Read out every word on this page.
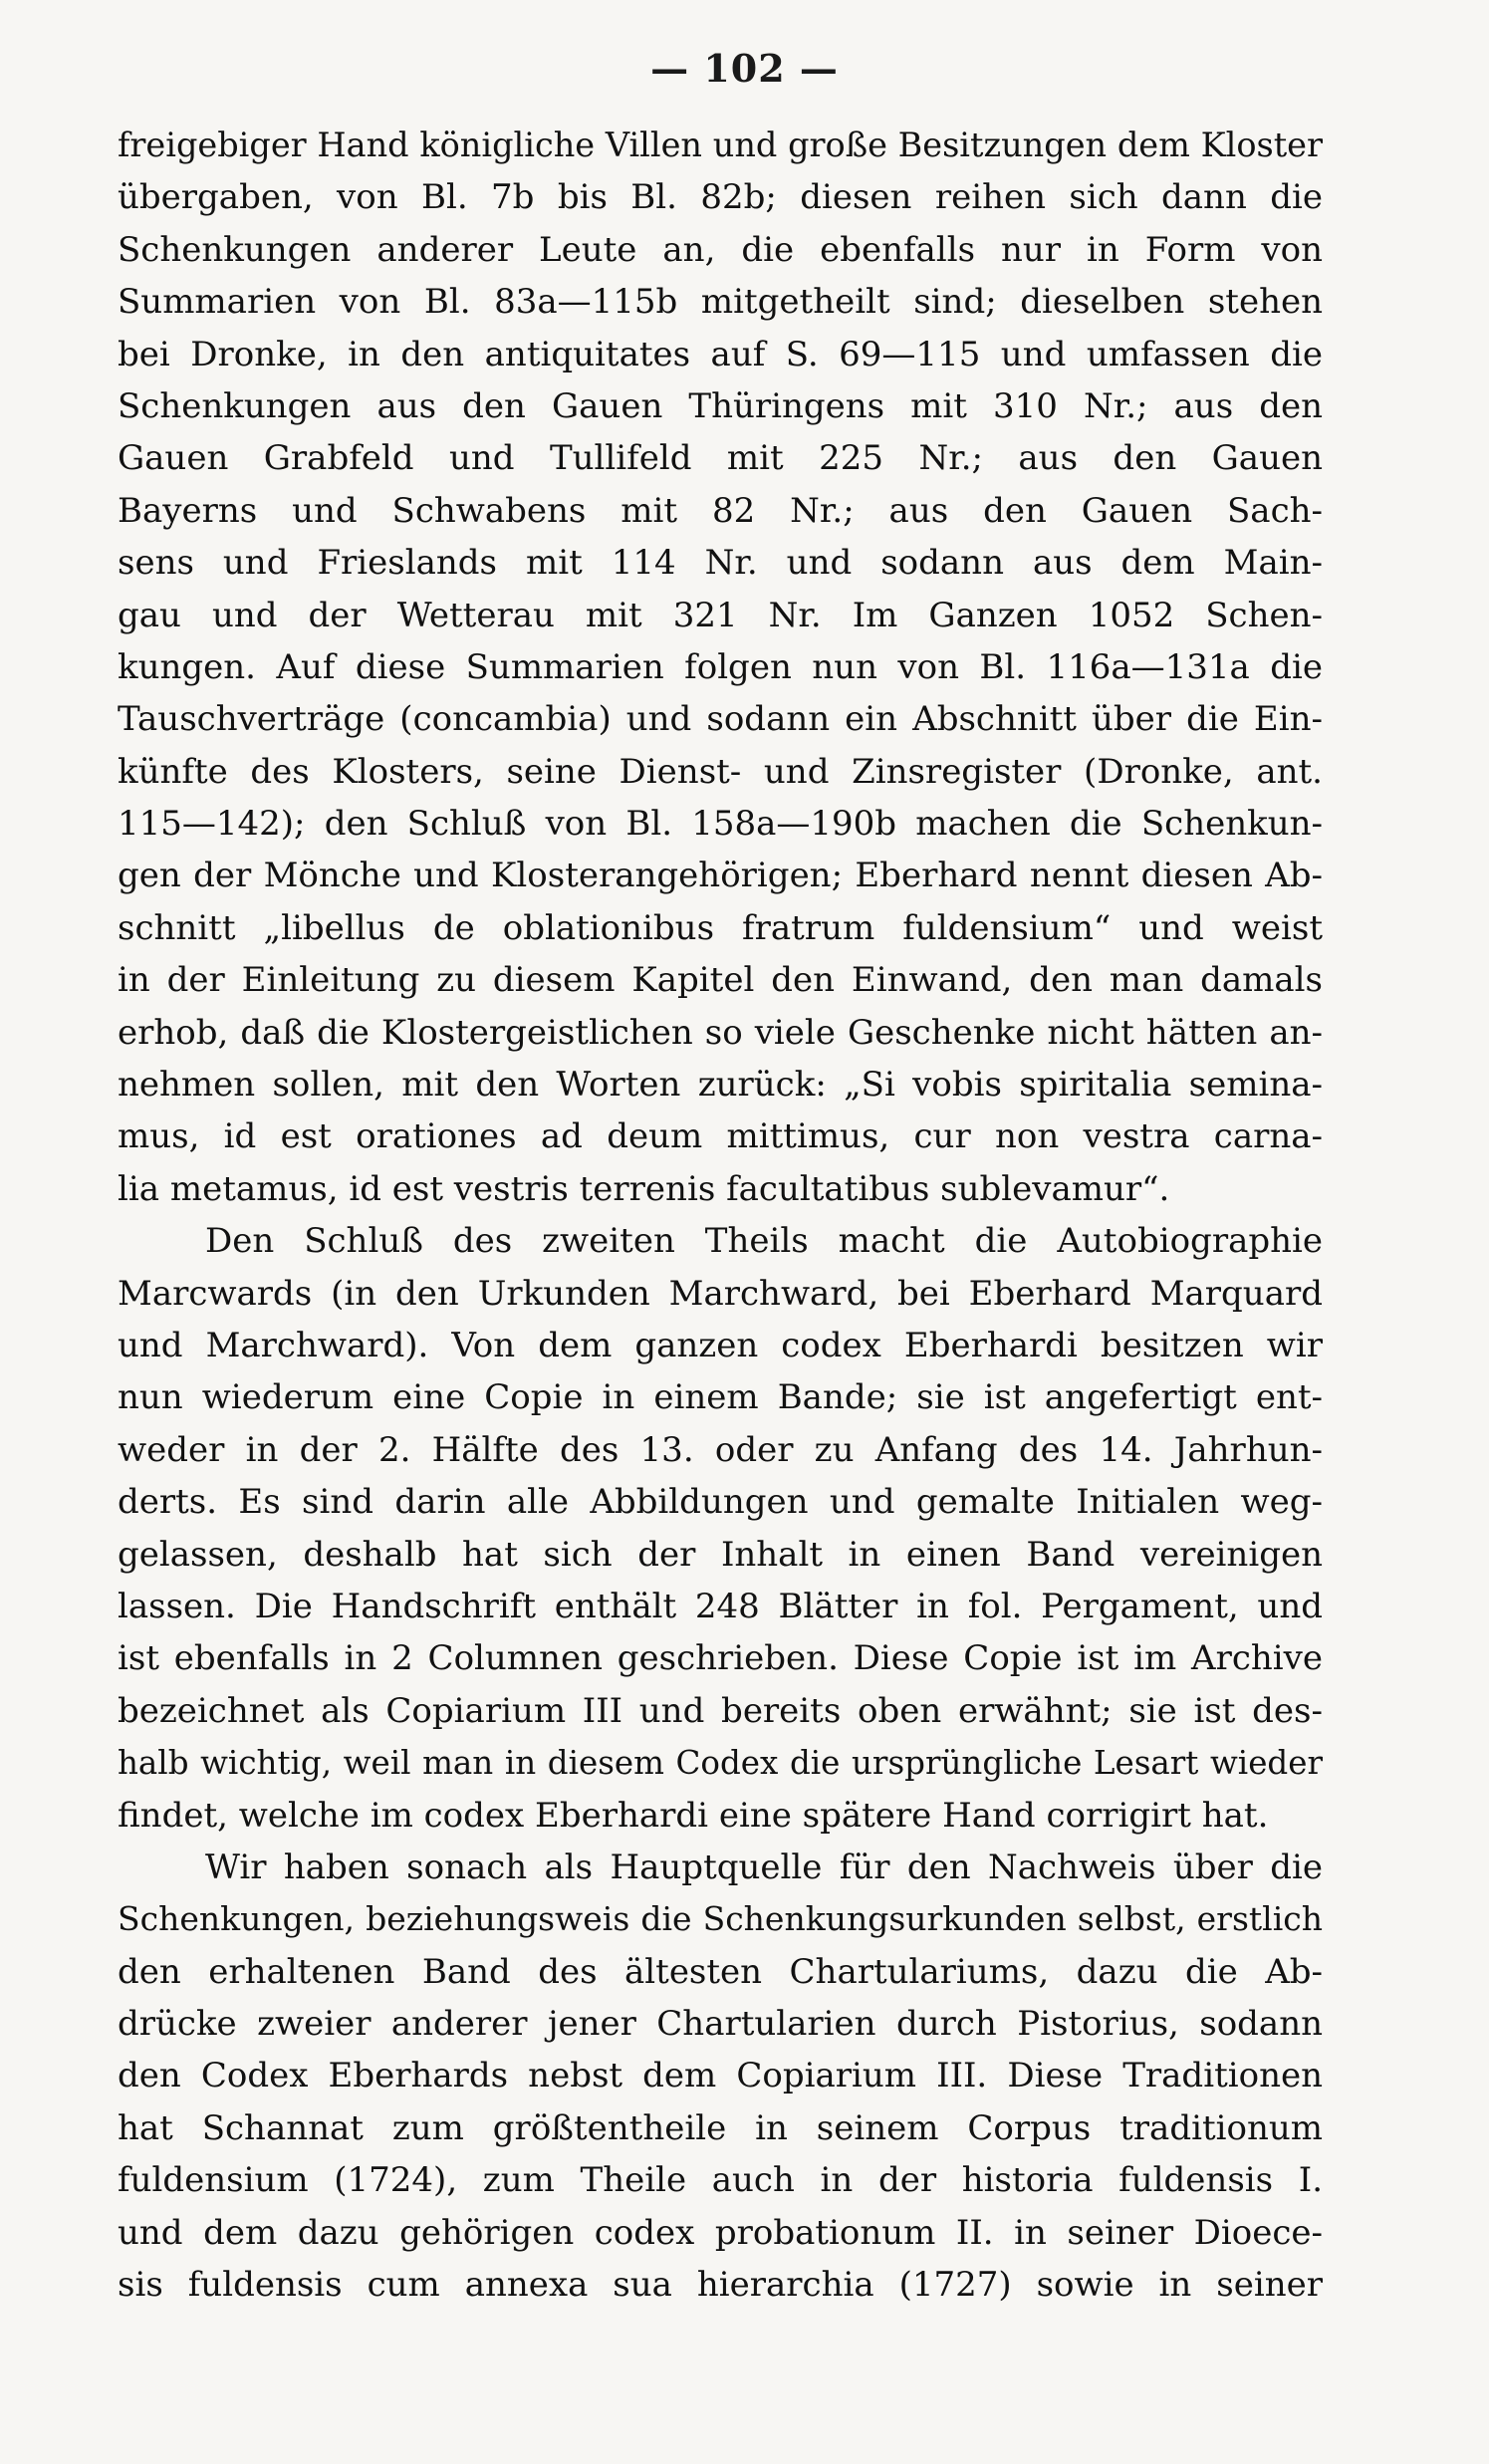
— 102 —
freigebiger Hand königliche Villen und große Besitzungen dem Kloster
übergaben, von Bl. 7b bis Bl. 82b; diesen reihen sich dann die
Schenkungen anderer Leute an, die ebenfalls nur in Form von
Summarien von Bl. 83a—115b mitgetheilt sind; dieselben stehen
bei Dronke, in den antiquitates auf S. 69—115 und umfassen die
Schenkungen aus den Gauen Thüringens mit 310 Nr.; aus den
Gauen Grabfeld und Tullifeld mit 225 Nr.; aus den Gauen
Bayerns und Schwabens mit 82 Nr.; aus den Gauen Sach-
sens und Frieslands mit 114 Nr. und sodann aus dem Main-
gau und der Wetterau mit 321 Nr. Im Ganzen 1052 Schen-
kungen. Auf diese Summarien folgen nun von Bl. 116a—131a die
Tauschverträge (concambia) und sodann ein Abschnitt über die Ein-
künfte des Klosters, seine Dienst- und Zinsregister (Dronke, ant.
115—142); den Schluß von Bl. 158a—190b machen die Schenkun-
gen der Mönche und Klosterangehörigen; Eberhard nennt diesen Ab-
schnitt „libellus de oblationibus fratrum fuldensium“ und weist
in der Einleitung zu diesem Kapitel den Einwand, den man damals
erhob, daß die Klostergeistlichen so viele Geschenke nicht hätten an-
nehmen sollen, mit den Worten zurück: „Si vobis spiritalia semina-
mus, id est orationes ad deum mittimus, cur non vestra carna-
lia metamus, id est vestris terrenis facultatibus sublevamur“.
Den Schluß des zweiten Theils macht die Autobiographie
Marcwards (in den Urkunden Marchward, bei Eberhard Marquard
und Marchward). Von dem ganzen codex Eberhardi besitzen wir
nun wiederum eine Copie in einem Bande; sie ist angefertigt ent-
weder in der 2. Hälfte des 13. oder zu Anfang des 14. Jahrhun-
derts. Es sind darin alle Abbildungen und gemalte Initialen weg-
gelassen, deshalb hat sich der Inhalt in einen Band vereinigen
lassen. Die Handschrift enthält 248 Blätter in fol. Pergament, und
ist ebenfalls in 2 Columnen geschrieben. Diese Copie ist im Archive
bezeichnet als Copiarium III und bereits oben erwähnt; sie ist des-
halb wichtig, weil man in diesem Codex die ursprüngliche Lesart wieder
findet, welche im codex Eberhardi eine spätere Hand corrigirt hat.
Wir haben sonach als Hauptquelle für den Nachweis über die
Schenkungen, beziehungsweis die Schenkungsurkunden selbst, erstlich
den erhaltenen Band des ältesten Chartulariums, dazu die Ab-
drücke zweier anderer jener Chartularien durch Pistorius, sodann
den Codex Eberhards nebst dem Copiarium III. Diese Traditionen
hat Schannat zum größtentheile in seinem Corpus traditionum
fuldensium (1724), zum Theile auch in der historia fuldensis I.
und dem dazu gehörigen codex probationum II. in seiner Dioece-
sis fuldensis cum annexa sua hierarchia (1727) sowie in seiner
